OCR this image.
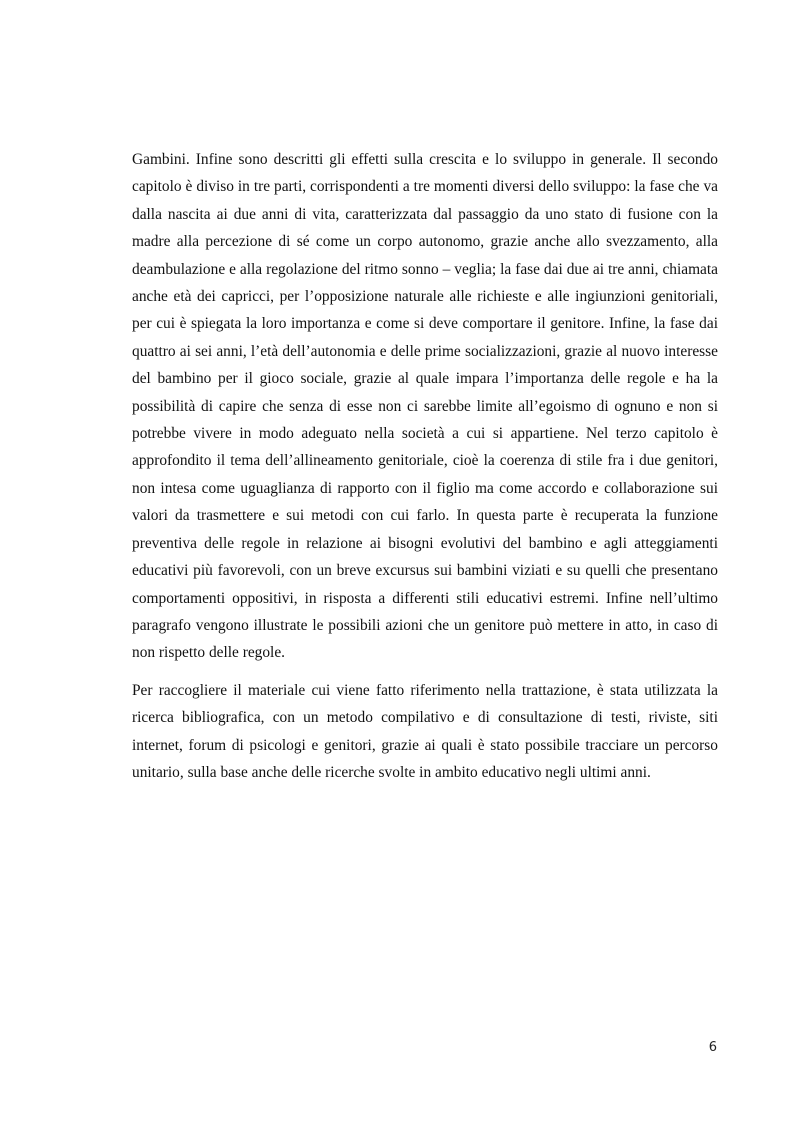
Gambini. Infine sono descritti gli effetti sulla crescita e lo sviluppo in generale. Il secondo capitolo è diviso in tre parti, corrispondenti a tre momenti diversi dello sviluppo: la fase che va dalla nascita ai due anni di vita, caratterizzata dal passaggio da uno stato di fusione con la madre alla percezione di sé come un corpo autonomo, grazie anche allo svezzamento, alla deambulazione e alla regolazione del ritmo sonno – veglia; la fase dai due ai tre anni, chiamata anche età dei capricci, per l’opposizione naturale alle richieste e alle ingiunzioni genitoriali, per cui è spiegata la loro importanza e come si deve comportare il genitore. Infine, la fase dai quattro ai sei anni, l’età dell’autonomia e delle prime socializzazioni, grazie al nuovo interesse del bambino per il gioco sociale, grazie al quale impara l’importanza delle regole e ha la possibilità di capire che senza di esse non ci sarebbe limite all’egoismo di ognuno e non si potrebbe vivere in modo adeguato nella società a cui si appartiene. Nel terzo capitolo è approfondito il tema dell’allineamento genitoriale, cioè la coerenza di stile fra i due genitori, non intesa come uguaglianza di rapporto con il figlio ma come accordo e collaborazione sui valori da trasmettere e sui metodi con cui farlo. In questa parte è recuperata la funzione preventiva delle regole in relazione ai bisogni evolutivi del bambino e agli atteggiamenti educativi più favorevoli, con un breve excursus sui bambini viziati e su quelli che presentano comportamenti oppositivi, in risposta a differenti stili educativi estremi. Infine nell’ultimo paragrafo vengono illustrate le possibili azioni che un genitore può mettere in atto, in caso di non rispetto delle regole.

Per raccogliere il materiale cui viene fatto riferimento nella trattazione, è stata utilizzata la ricerca bibliografica, con un metodo compilativo e di consultazione di testi, riviste, siti internet, forum di psicologi e genitori, grazie ai quali è stato possibile tracciare un percorso unitario, sulla base anche delle ricerche svolte in ambito educativo negli ultimi anni.

6
